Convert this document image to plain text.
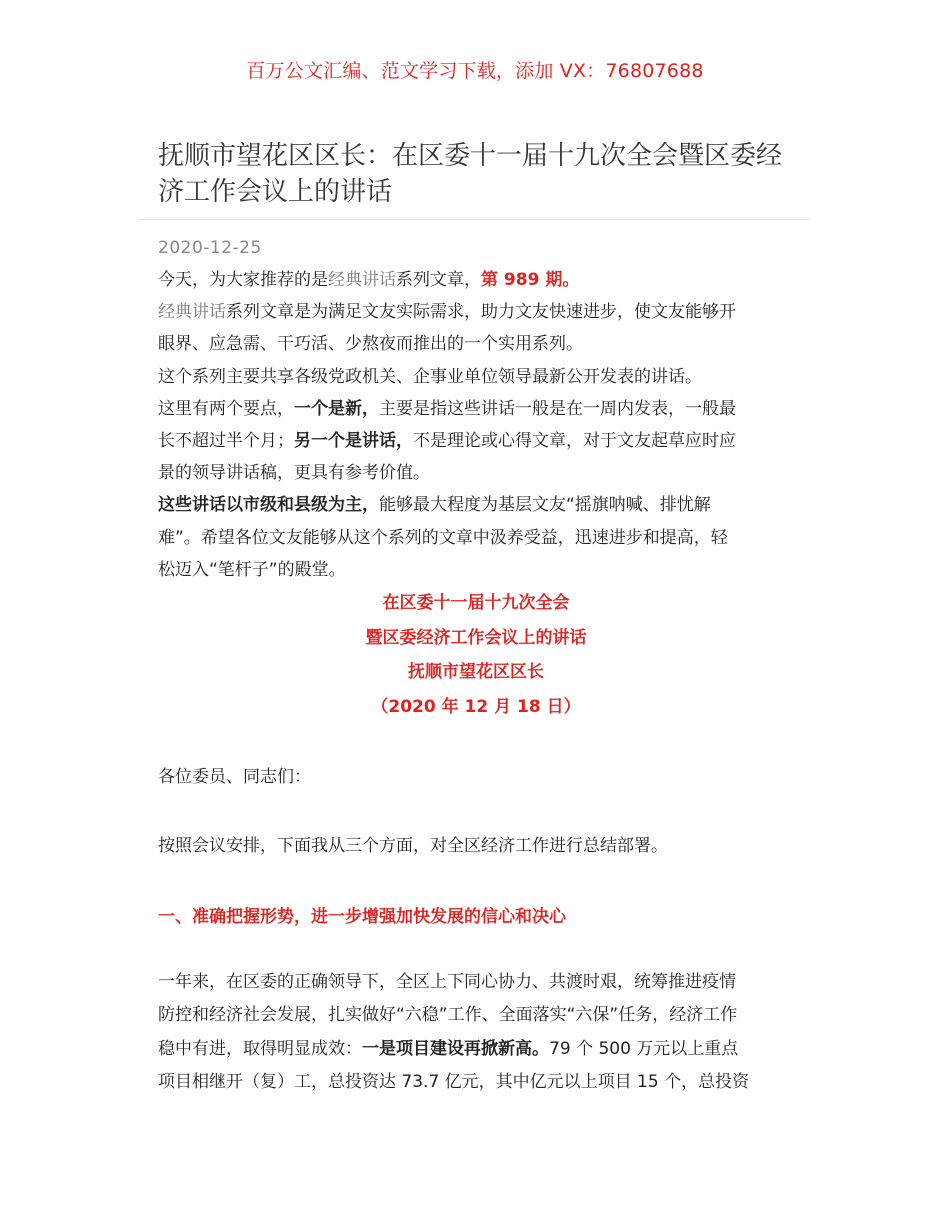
百万公文汇编、范文学习下载，添加 VX：76807688
抚顺市望花区区长：在区委十一届十九次全会暨区委经
济工作会议上的讲话
2020-12-25

今天，为大家推荐的是经典讲话系列文章，第 989 期。

经典讲话系列文章是为满足文友实际需求，助力文友快速进步，使文友能够开

眼界、应急需、干巧活、少熬夜而推出的一个实用系列。

这个系列主要共享各级党政机关、企事业单位领导最新公开发表的讲话。

这里有两个要点，一个是新，主要是指这些讲话一般是在一周内发表，一般最

长不超过半个月；另一个是讲话，不是理论或心得文章，对于文友起草应时应

景的领导讲话稿，更具有参考价值。

这些讲话以市级和县级为主，能够最大程度为基层文友“摇旗呐喊、排忧解

难”。希望各位文友能够从这个系列的文章中汲养受益，迅速进步和提高，轻

松迈入“笔杆子”的殿堂。

在区委十一届十九次全会

暨区委经济工作会议上的讲话

抚顺市望花区区长

（2020 年 12 月 18 日）

各位委员、同志们：
按照会议安排，下面我从三个方面，对全区经济工作进行总结部署。
一、准确把握形势，进一步增强加快发展的信心和决心

一年来，在区委的正确领导下，全区上下同心协力、共渡时艰，统筹推进疫情

防控和经济社会发展，扎实做好“六稳”工作、全面落实“六保”任务，经济工作

稳中有进，取得明显成效：一是项目建设再掀新高。79 个 500 万元以上重点

项目相继开（复）工，总投资达 73.7 亿元，其中亿元以上项目 15 个，总投资
